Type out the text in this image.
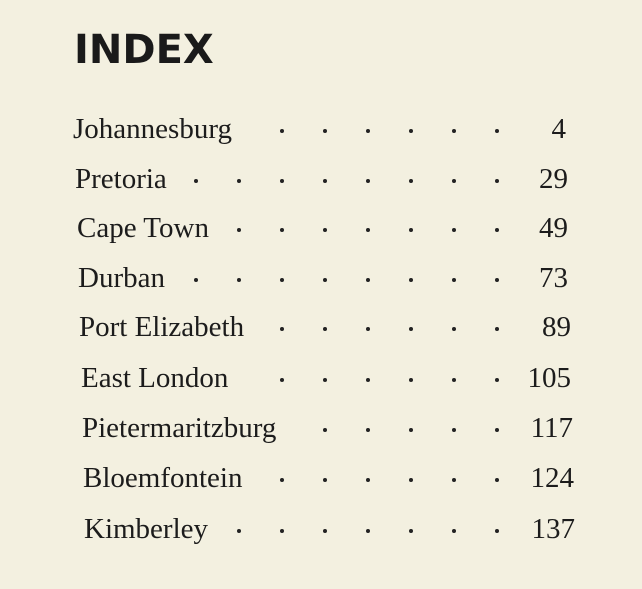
INDEX
Johannesburg	4
Pretoria	29
Cape Town	49
Durban	73
Port Elizabeth	89
East London	105
Pietermaritzburg	117
Bloemfontein	124
Kimberley	137
